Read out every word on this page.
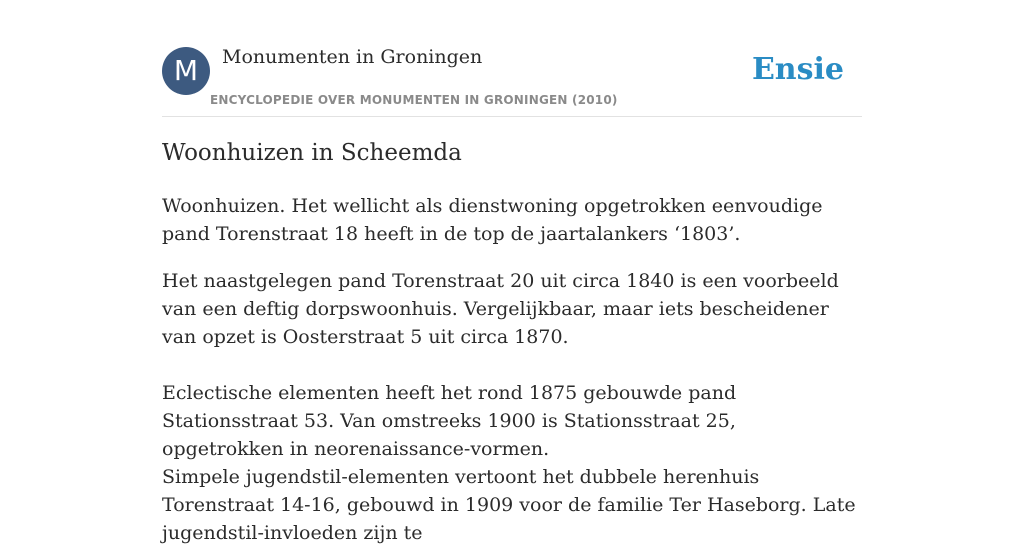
M	Monumenten in Groningen
ENCYCLOPEDIE OVER MONUMENTEN IN GRONINGEN (2010)
Ensie
Woonhuizen in Scheemda

Woonhuizen. Het wellicht als dienstwoning opgetrokken eenvoudige pand Torenstraat 18 heeft in de top de jaartalankers ‘1803’.

Het naastgelegen pand Torenstraat 20 uit circa 1840 is een voorbeeld van een deftig dorpswoonhuis. Vergelijkbaar, maar iets bescheidener van opzet is Oosterstraat 5 uit circa 1870.

Eclectische elementen heeft het rond 1875 gebouwde pand Stationsstraat 53. Van omstreeks 1900 is Stationsstraat 25, opgetrokken in neorenaissance-vormen.

Simpele jugendstil-elementen vertoont het dubbele herenhuis Torenstraat 14-16, gebouwd in 1909 voor de familie Ter Haseborg. Late jugendstil-invloeden zijn te
